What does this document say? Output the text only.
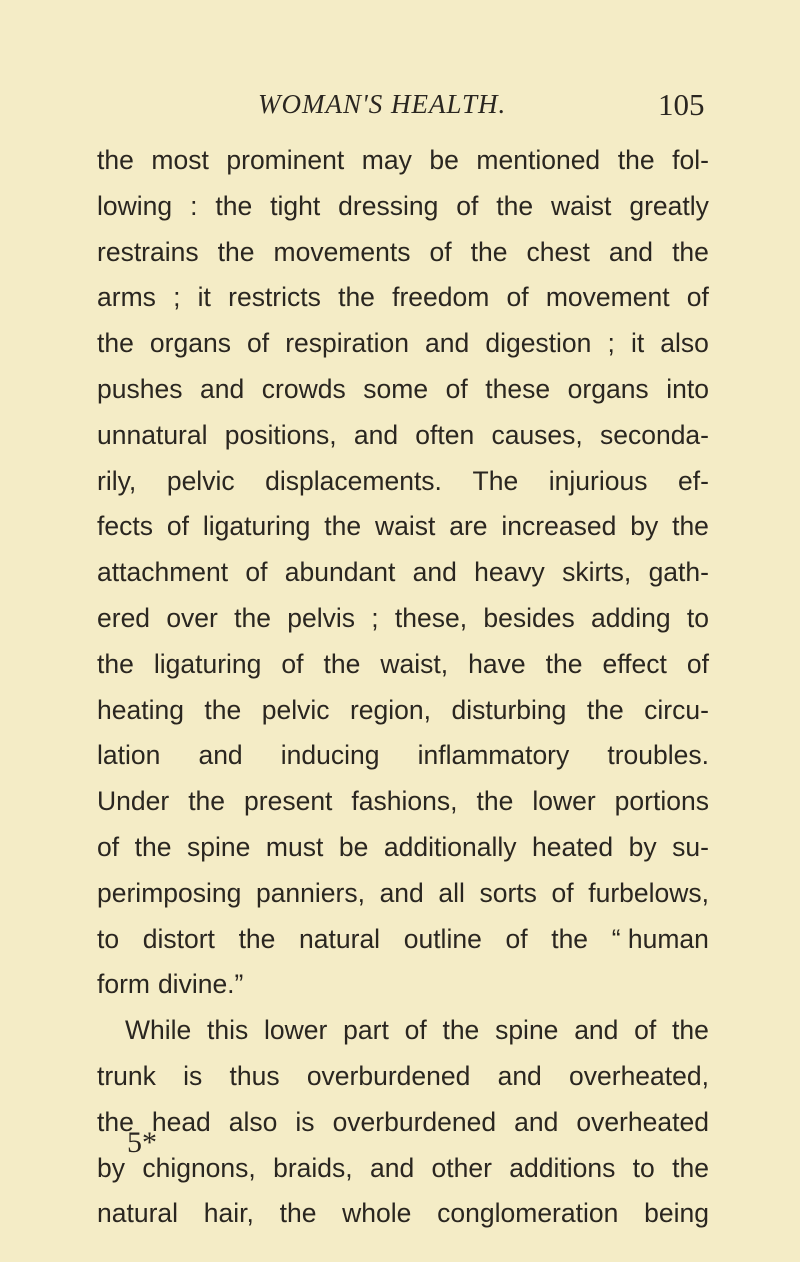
WOMAN'S HEALTH.	105
the most prominent may be mentioned the fol-
lowing : the tight dressing of the waist greatly
restrains the movements of the chest and the
arms ; it restricts the freedom of movement of
the organs of respiration and digestion ; it also
pushes and crowds some of these organs into
unnatural positions, and often causes, seconda-
rily, pelvic displacements. The injurious ef-
fects of ligaturing the waist are increased by the
attachment of abundant and heavy skirts, gath-
ered over the pelvis ; these, besides adding to
the ligaturing of the waist, have the effect of
heating the pelvic region, disturbing the circu-
lation and inducing inflammatory troubles.
Under the present fashions, the lower portions
of the spine must be additionally heated by su-
perimposing panniers, and all sorts of furbelows,
to distort the natural outline of the “ human
form divine.”
While this lower part of the spine and of the
trunk is thus overburdened and overheated,
the head also is overburdened and overheated
by chignons, braids, and other additions to the
natural hair, the whole conglomeration being
5*
